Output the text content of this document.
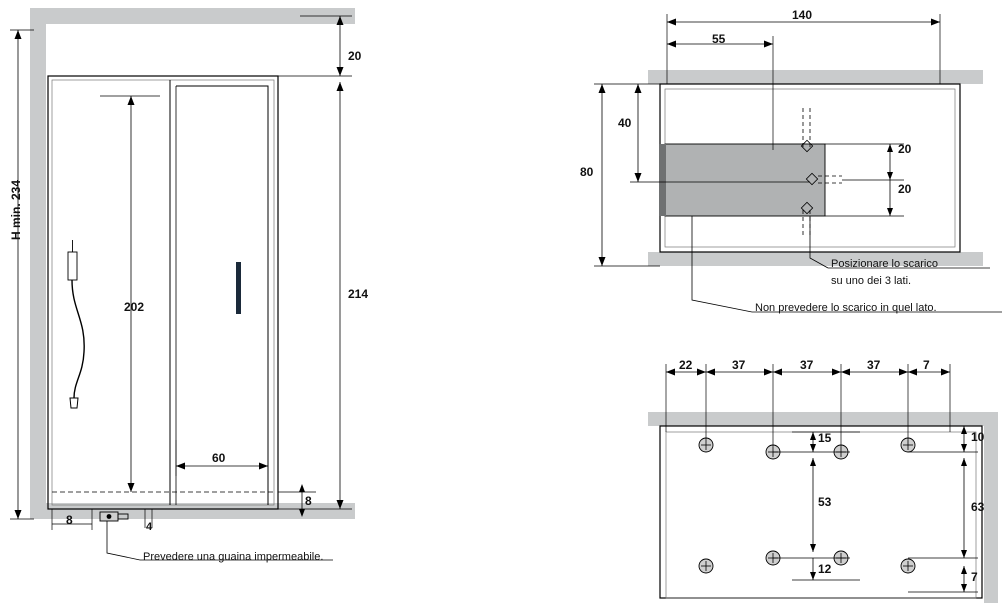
H min. 234
20
214
202
60
8
8	4
Prevedere una guaina impermeabile.
140
55
80
40
20
20
Posizionare lo scarico
su uno dei 3 lati.
Non prevedere lo scarico in quel lato.
22	37	37	37	7
10
63
7
15
53
12
